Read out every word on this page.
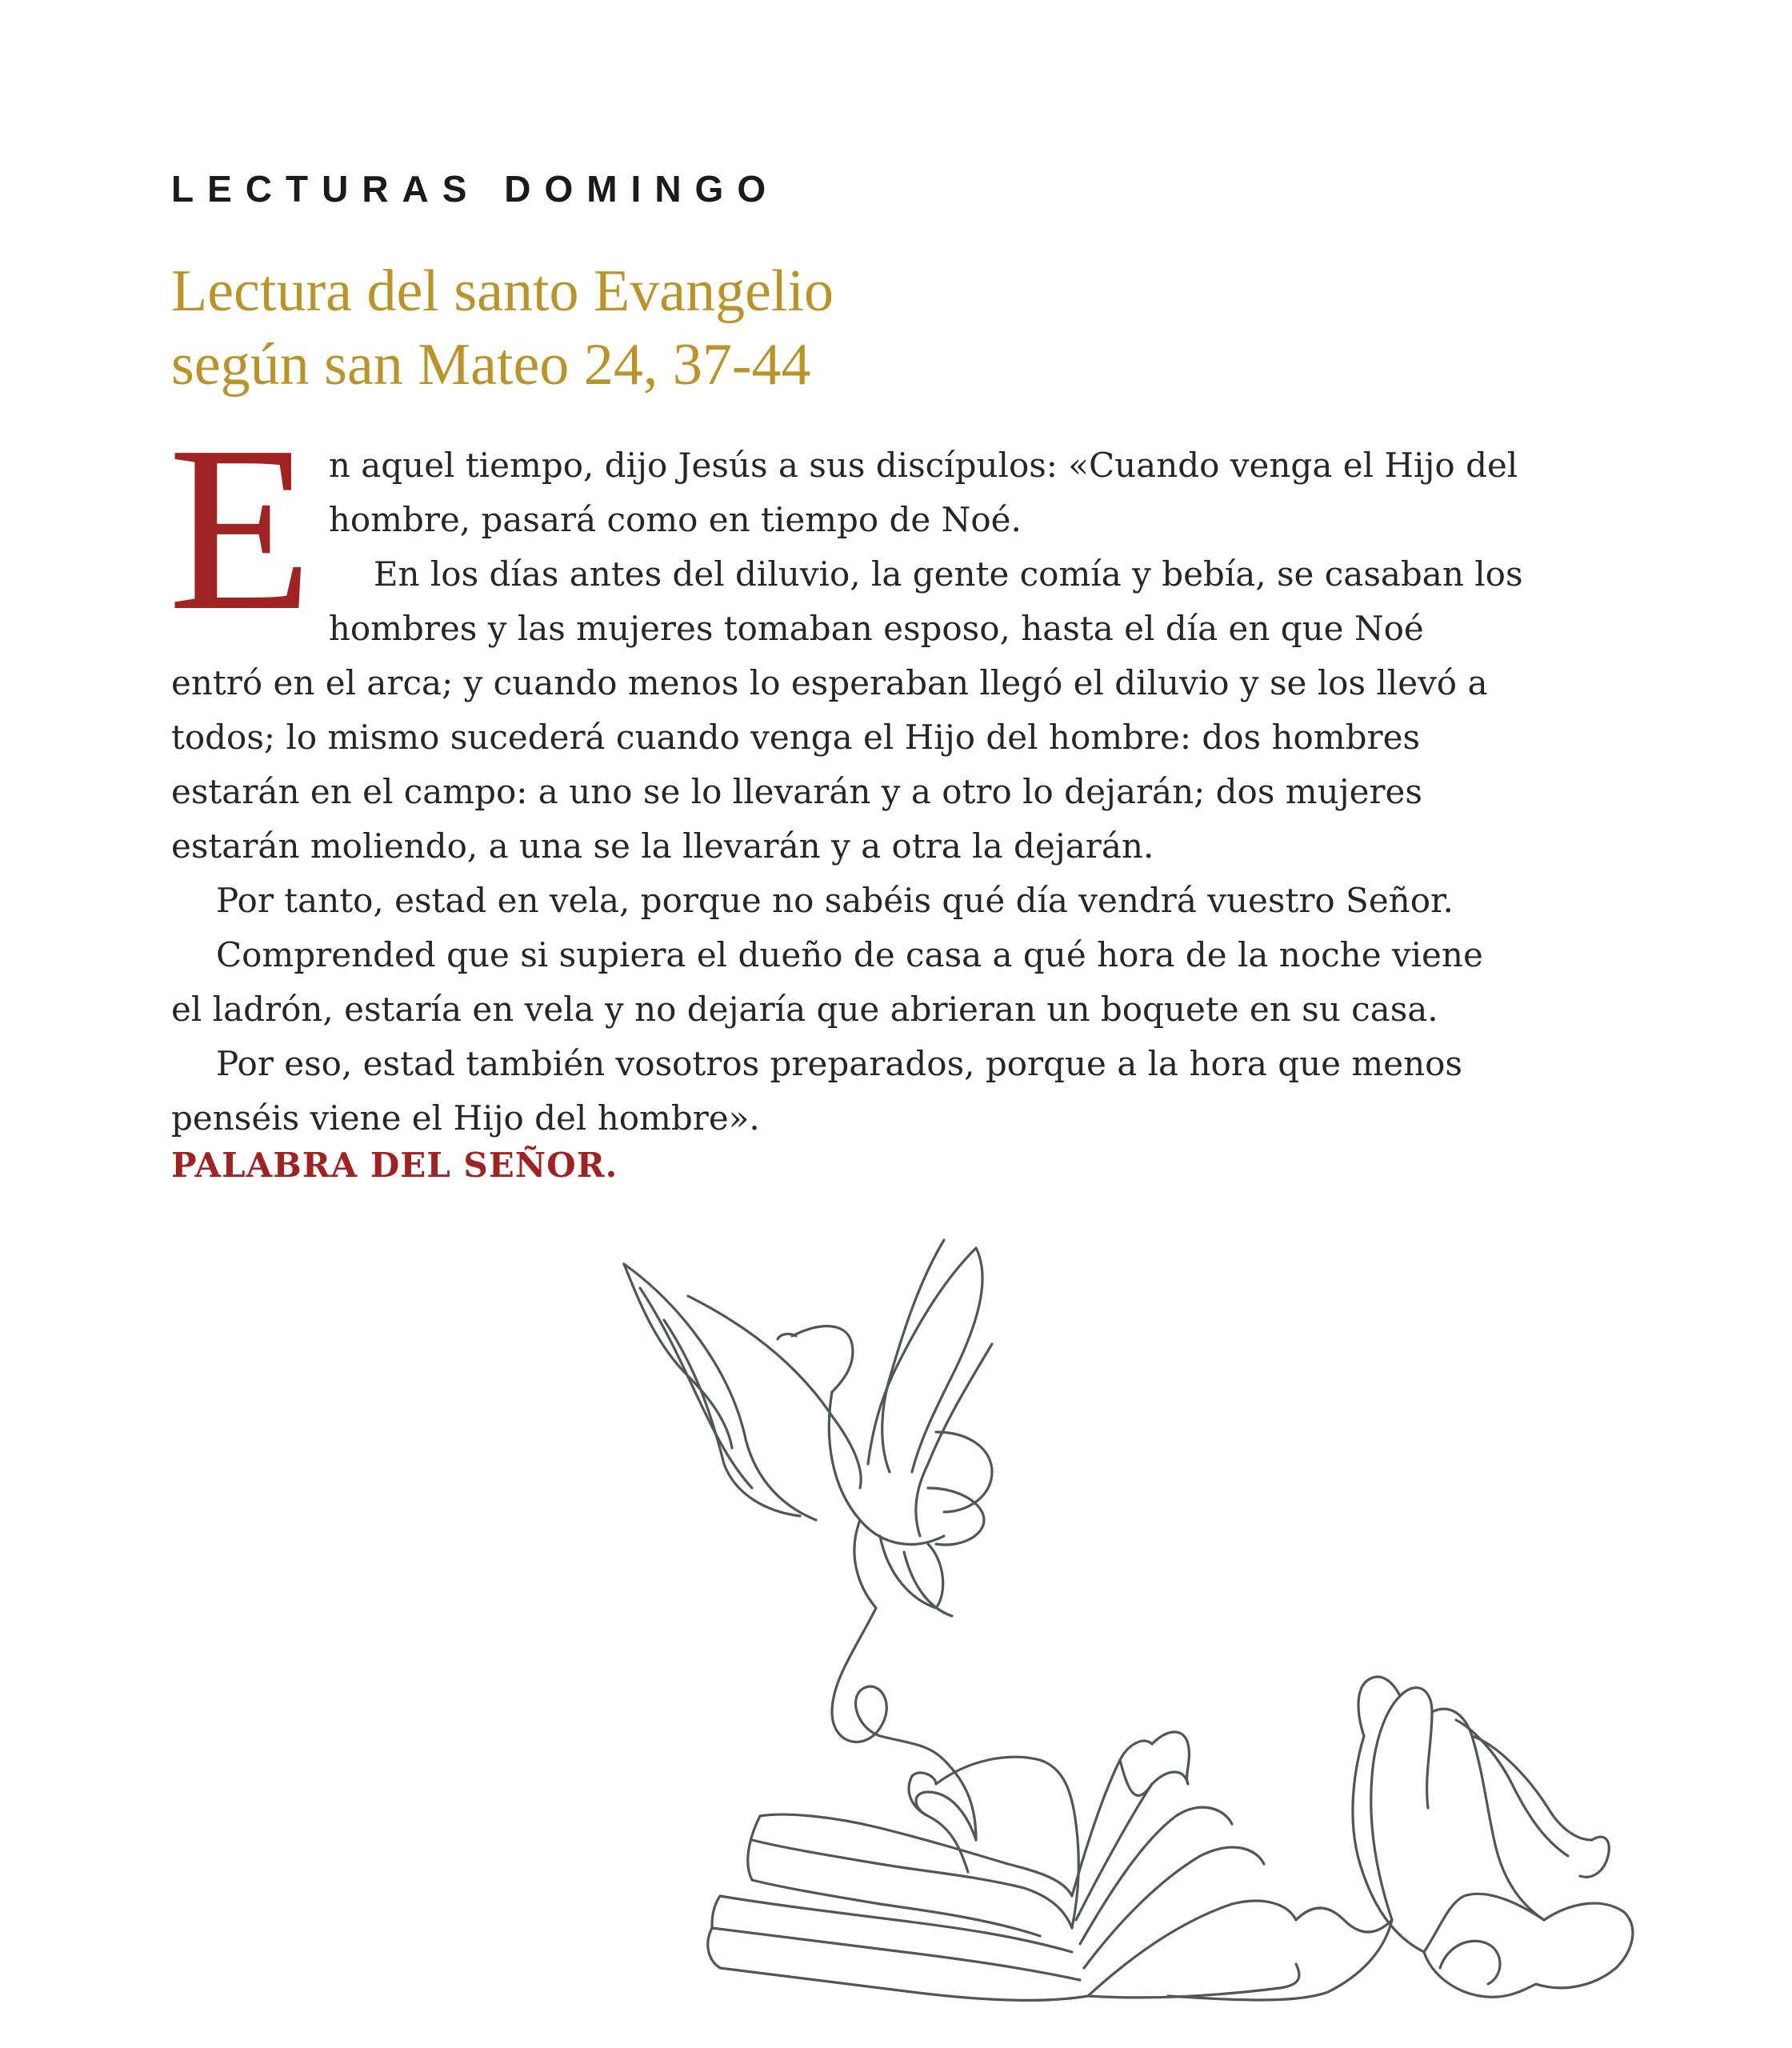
LECTURAS DOMINGO
Lectura del santo Evangelio
según san Mateo 24, 37-44
E n aquel tiempo, dijo Jesús a sus discípulos: «Cuando venga el Hijo del hombre, pasará como en tiempo de Noé.

En los días antes del diluvio, la gente comía y bebía, se casaban los hombres y las mujeres tomaban esposo, hasta el día en que Noé entró en el arca; y cuando menos lo esperaban llegó el diluvio y se los llevó a todos; lo mismo sucederá cuando venga el Hijo del hombre: dos hombres estarán en el campo: a uno se lo llevarán y a otro lo dejarán; dos mujeres estarán moliendo, a una se la llevarán y a otra la dejarán.

Por tanto, estad en vela, porque no sabéis qué día vendrá vuestro Señor.

Comprended que si supiera el dueño de casa a qué hora de la noche viene el ladrón, estaría en vela y no dejaría que abrieran un boquete en su casa.

Por eso, estad también vosotros preparados, porque a la hora que menos penséis viene el Hijo del hombre».

PALABRA DEL SEÑOR.
